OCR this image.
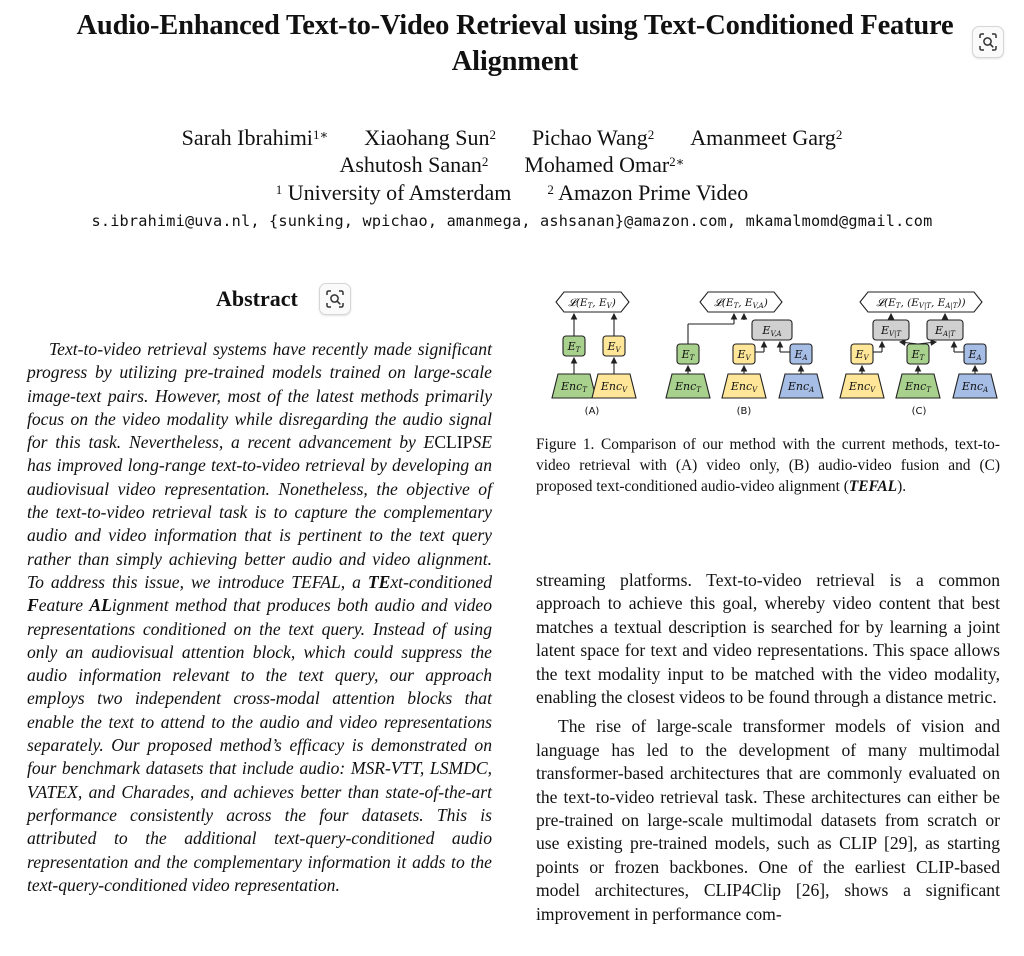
Audio-Enhanced Text-to-Video Retrieval using Text-Conditioned Feature Alignment
Sarah Ibrahimi$^{1∗}$ Xiaohang Sun$^2$ Pichao Wang$^2$ Amanmeet Garg$^2$
Ashutosh Sanan$^2$ Mohamed Omar$^{2∗}$
$^1$ University of Amsterdam	$^2$ Amazon Prime Video
s.ibrahimi@uva.nl, {sunking, wpichao, amanmega, ashsanan}@amazon.com, mkamalmomd@gmail.com
Abstract

Text-to-video retrieval systems have recently made significant progress by utilizing pre-trained models trained on large-scale image-text pairs. However, most of the latest methods primarily focus on the video modality while disregarding the audio signal for this task. Nevertheless, a recent advancement by ECLIPSE has improved long-range text-to-video retrieval by developing an audiovisual video representation. Nonetheless, the objective of the text-to-video retrieval task is to capture the complementary audio and video information that is pertinent to the text query rather than simply achieving better audio and video alignment. To address this issue, we introduce TEFAL, a TExt-conditioned Feature ALignment method that produces both audio and video representations conditioned on the text query. Instead of using only an audiovisual attention block, which could suppress the audio information relevant to the text query, our approach employs two independent cross-modal attention blocks that enable the text to attend to the audio and video representations separately. Our proposed method’s efficacy is demonstrated on four benchmark datasets that include audio: MSR-VTT, LSMDC, VATEX, and Charades, and achieves better than state-of-the-art performance consistently across the four datasets. This is attributed to the additional text-query-conditioned audio representation and the complementary information it adds to the text-query-conditioned video representation.

𝓛(ET, EV)
ET EV
EncT EncV
(A)
𝓛(ET, EV,A)
EV,A
ET	EV	EA
EncT	EncV	EncA
(B)
𝓛(ET, (EV|T, EA|T))
EV|T	EA|T
EV	ET	EA
EncV	EncT	EncA
(C)
Figure 1. Comparison of our method with the current methods, text-to-video retrieval with (A) video only, (B) audio-video fusion and (C) proposed text-conditioned audio-video alignment (TEFAL).

streaming platforms. Text-to-video retrieval is a common approach to achieve this goal, whereby video content that best matches a textual description is searched for by learning a joint latent space for text and video representations. This space allows the text modality input to be matched with the video modality, enabling the closest videos to be found through a distance metric.

The rise of large-scale transformer models of vision and language has led to the development of many multimodal transformer-based architectures that are commonly evaluated on the text-to-video retrieval task. These architectures can either be pre-trained on large-scale multimodal datasets from scratch or use existing pre-trained models, such as CLIP [29], as starting points or frozen backbones. One of the earliest CLIP-based model architectures, CLIP4Clip [26], shows a significant improvement in performance com-
